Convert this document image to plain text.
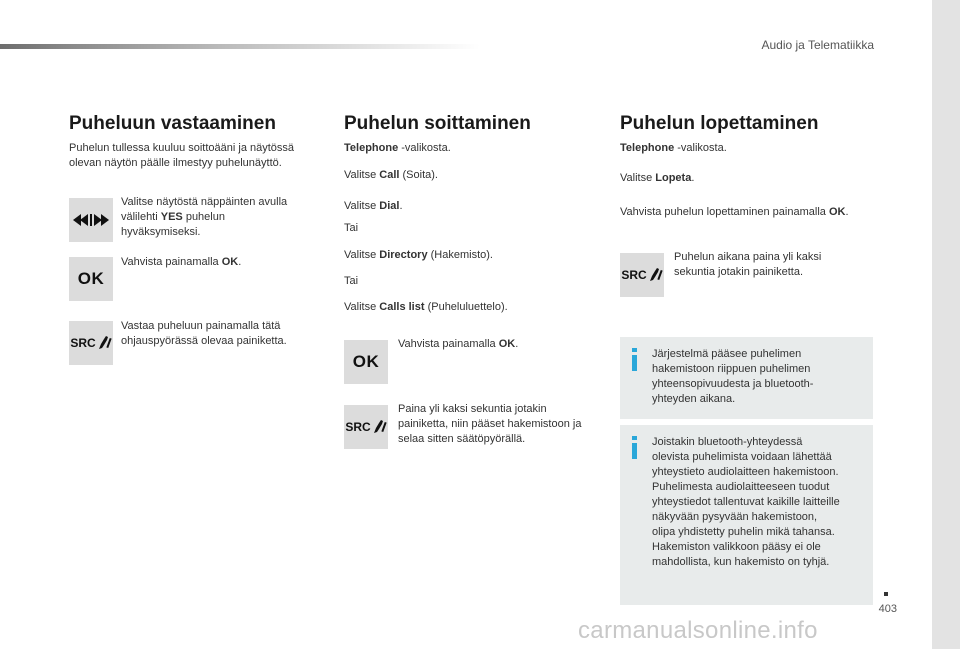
Audio ja Telematiikka
403
carmanualsonline.info
Puheluun vastaaminen

Puhelun tullessa kuuluu soittoääni ja näytössä olevan näytön päälle ilmestyy puhelunäyttö.

Valitse näytöstä näppäinten avulla välilehti YES puhelun hyväksymiseksi.

OK

Vahvista painamalla OK.

SRC

Vastaa puheluun painamalla tätä ohjauspyörässä olevaa painiketta.

Puhelun soittaminen

Telephone -valikosta.

Valitse Call (Soita).

Valitse Dial.

Tai

Valitse Directory (Hakemisto).

Tai

Valitse Calls list (Puheluluettelo).

OK

Vahvista painamalla OK.

SRC

Paina yli kaksi sekuntia jotakin painiketta, niin pääset hakemistoon ja selaa sitten säätöpyörällä.

Puhelun lopettaminen

Telephone -valikosta.

Valitse Lopeta.

Vahvista puhelun lopettaminen painamalla OK.

SRC

Puhelun aikana paina yli kaksi sekuntia jotakin painiketta.

Järjestelmä pääsee puhelimen hakemistoon riippuen puhelimen yhteensopivuudesta ja bluetooth-yhteyden aikana.
Joistakin bluetooth-yhteydessä olevista puhelimista voidaan lähettää yhteystieto audiolaitteen hakemistoon. Puhelimesta audiolaitteeseen tuodut yhteystiedot tallentuvat kaikille laitteille näkyvään pysyvään hakemistoon, olipa yhdistetty puhelin mikä tahansa. Hakemiston valikkoon pääsy ei ole mahdollista, kun hakemisto on tyhjä.
